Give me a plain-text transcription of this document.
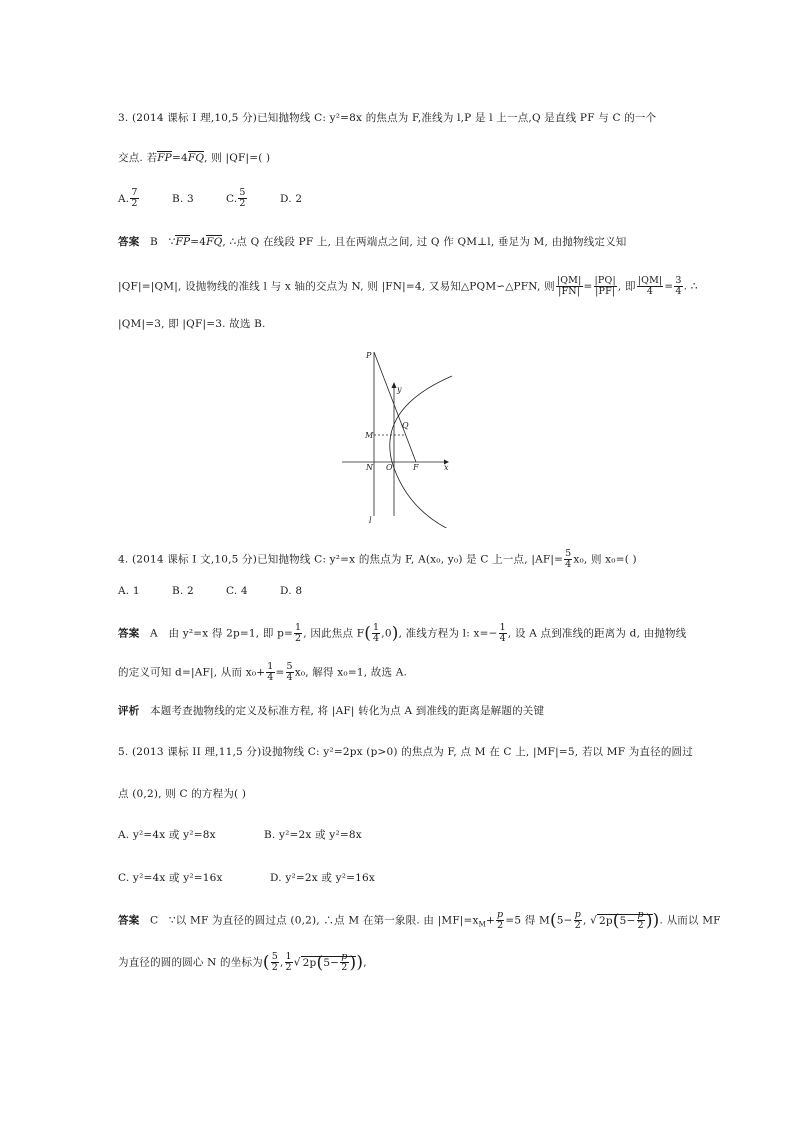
3. (2014 课标 I 理,10,5 分)已知抛物线 C: y²=8x 的焦点为 F,准线为 l,P 是 l 上一点,Q 是直线 PF 与 C 的一个
交点. 若FP=4FQ, 则 |QF|=( )
A. $\frac{7}{2}$	B. 3	C. $\frac{5}{2}$	D. 2
答案 B ∵FP=4FQ, ∴点 Q 在线段 PF 上, 且在两端点之间, 过 Q 作 QM⊥l, 垂足为 M, 由抛物线定义知
|QF|=|QM|, 设抛物线的准线 l 与 x 轴的交点为 N, 则 |FN|=4, 又易知△PQM∽△PFN, 则 $\frac{|QM|}{|FN|} = \frac{|PQ|}{|PF|}$ , 即 $\frac{|QM|}{4} = \frac{3}{4}$ . ∴
|QM|=3, 即 |QF|=3. 故选 B.
P
y
Q
M
N O	F	x
l
4. (2014 课标 I 文,10,5 分)已知抛物线 C: y²=x 的焦点为 F, A(x₀, y₀) 是 C 上一点, $|AF|= \frac{5}{4} x_0$, 则 x₀=( )
A. 1	B. 2	C. 4	D. 8
答案 A 由 y²=x 得 2p=1, 即 $p= \frac{1}{2}$ , 因此焦点 $F( \frac{1}{4} ,0)$, 准线方程为 l: $x=- \frac{1}{4}$ , 设 A 点到准线的距离为 d, 由抛物线
的定义可知 d=|AF|, 从而 $x_0+ \frac{1}{4} = \frac{5}{4} x_0$, 解得 x₀=1, 故选 A.
评析 本题考查抛物线的定义及标准方程, 将 |AF| 转化为点 A 到准线的距离是解题的关键
5. (2013 课标 II 理,11,5 分)设抛物线 C: y²=2px (p>0) 的焦点为 F, 点 M 在 C 上, |MF|=5, 若以 MF 为直径的圆过
点 (0,2), 则 C 的方程为( )
A. y²=4x 或 y²=8x	B. y²=2x 或 y²=8x
C. y²=4x 或 y²=16x	D. y²=2x 或 y²=16x
答案 C ∵以 MF 为直径的圆过点 (0,2), ∴点 M 在第一象限. 由 $|MF|=x_M+ \frac{p}{2} =5$ 得 $M(5- \frac{p}{2}$ , √ $2p(5- \frac{p}{2}$ )). 从而以 MF
为直径的圆的圆心 N 的坐标为( $\frac{5}{2}$ , $\frac{1}{2}$ √ $2p(5- \frac{p}{2}$ )),
